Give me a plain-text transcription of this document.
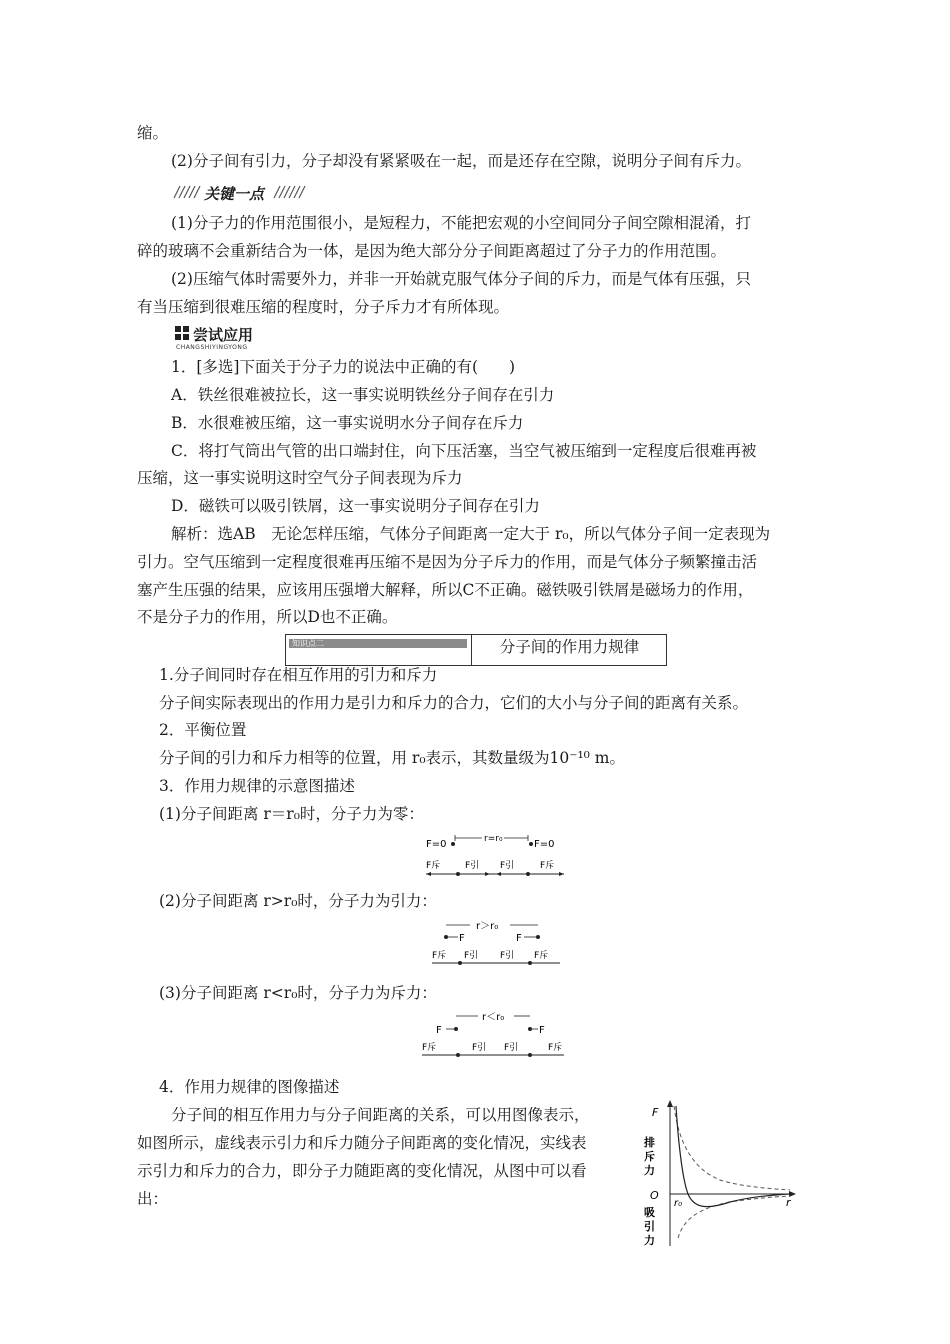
缩。
(2)分子间有引力，分子却没有紧紧吸在一起，而是还存在空隙，说明分子间有斥力。
关键一点
(1)分子力的作用范围很小，是短程力，不能把宏观的小空间同分子间空隙相混淆，打
碎的玻璃不会重新结合为一体，是因为绝大部分分子间距离超过了分子力的作用范围。
(2)压缩气体时需要外力，并非一开始就克服气体分子间的斥力，而是气体有压强，只
有当压缩到很难压缩的程度时，分子斥力才有所体现。
尝试应用
CHANGSHIYINGYONG
1．[多选]下面关于分子力的说法中正确的有(　　)
A．铁丝很难被拉长，这一事实说明铁丝分子间存在引力
B．水很难被压缩，这一事实说明水分子间存在斥力
C．将打气筒出气管的出口端封住，向下压活塞，当空气被压缩到一定程度后很难再被
压缩，这一事实说明这时空气分子间表现为斥力
D．磁铁可以吸引铁屑，这一事实说明分子间存在引力
解析：选AB　无论怎样压缩，气体分子间距离一定大于 r₀，所以气体分子间一定表现为
引力。空气压缩到一定程度很难再压缩不是因为分子斥力的作用，而是气体分子频繁撞击活
塞产生压强的结果，应该用压强增大解释，所以C不正确。磁铁吸引铁屑是磁场力的作用，
不是分子力的作用，所以D也不正确。
知识点二	分子间的作用力规律
1.分子间同时存在相互作用的引力和斥力
分子间实际表现出的作用力是引力和斥力的合力，它们的大小与分子间的距离有关系。
2．平衡位置
分子间的引力和斥力相等的位置，用 r₀表示，其数量级为10⁻¹⁰ m。
3．作用力规律的示意图描述
(1)分子间距离 r＝r₀时，分子力为零：
F=0	r=r₀	F=0
F斥	F引 F引	F斥
(2)分子间距离 r>r₀时，分子力为引力：
r＞r₀
F	F
F斥 F引 F引 F斥
(3)分子间距离 r<r₀时，分子力为斥力：
r＜r₀
F	F
F斥	F引 F引	F斥
4．作用力规律的图像描述
分子间的相互作用力与分子间距离的关系，可以用图像表示，
如图所示，虚线表示引力和斥力随分子间距离的变化情况，实线表
示引力和斥力的合力，即分子力随距离的变化情况，从图中可以看
出：
F
排
斥
力
O
吸
引
力
r₀	r
